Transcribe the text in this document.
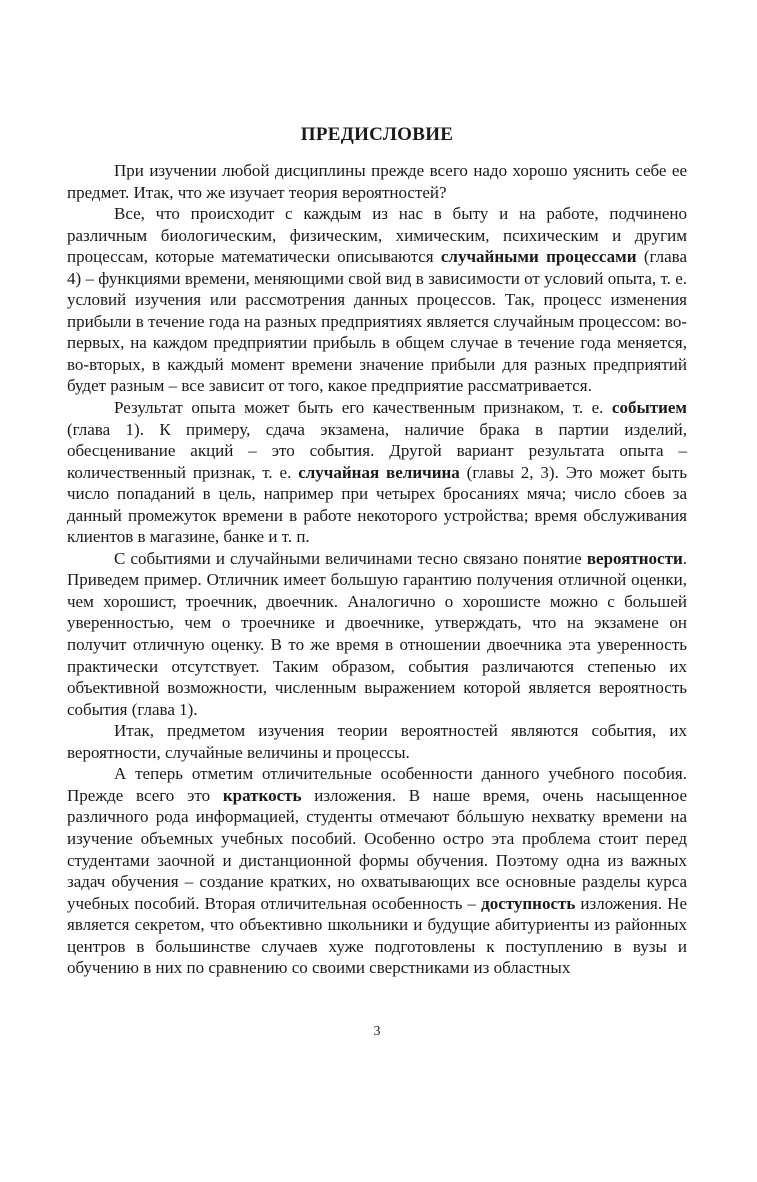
ПРЕДИСЛОВИЕ

При изучении любой дисциплины прежде всего надо хорошо уяснить себе ее предмет. Итак, что же изучает теория вероятностей?

Все, что происходит с каждым из нас в быту и на работе, подчинено различным биологическим, физическим, химическим, психическим и другим процессам, которые математически описываются случайными процессами (глава 4) – функциями времени, меняющими свой вид в зависимости от условий опыта, т. е. условий изучения или рассмотрения данных процессов. Так, процесс изменения прибыли в течение года на разных предприятиях является случайным процессом: во-первых, на каждом предприятии прибыль в общем случае в течение года меняется, во-вторых, в каждый момент времени значение прибыли для разных предприятий будет разным – все зависит от того, какое предприятие рассматривается.

Результат опыта может быть его качественным признаком, т. е. событием (глава 1). К примеру, сдача экзамена, наличие брака в партии изделий, обесценивание акций – это события. Другой вариант результата опыта – количественный признак, т. е. случайная величина (главы 2, 3). Это может быть число попаданий в цель, например при четырех бросаниях мяча; число сбоев за данный промежуток времени в работе некоторого устройства; время обслуживания клиентов в магазине, банке и т. п.

С событиями и случайными величинами тесно связано понятие вероятности. Приведем пример. Отличник имеет большую гарантию получения отличной оценки, чем хорошист, троечник, двоечник. Аналогично о хорошисте можно с большей уверенностью, чем о троечнике и двоечнике, утверждать, что на экзамене он получит отличную оценку. В то же время в отношении двоечника эта уверенность практически отсутствует. Таким образом, события различаются степенью их объективной возможности, численным выражением которой является вероятность события (глава 1).

Итак, предметом изучения теории вероятностей являются события, их вероятности, случайные величины и процессы.

А теперь отметим отличительные особенности данного учебного пособия. Прежде всего это краткость изложения. В наше время, очень насыщенное различного рода информацией, студенты отмечают бóльшую нехватку времени на изучение объемных учебных пособий. Особенно остро эта проблема стоит перед студентами заочной и дистанционной формы обучения. Поэтому одна из важных задач обучения – создание кратких, но охватывающих все основные разделы курса учебных пособий. Вторая отличительная особенность – доступность изложения. Не является секретом, что объективно школьники и будущие абитуриенты из районных центров в большинстве случаев хуже подготовлены к поступлению в вузы и обучению в них по сравнению со своими сверстниками из областных

3
